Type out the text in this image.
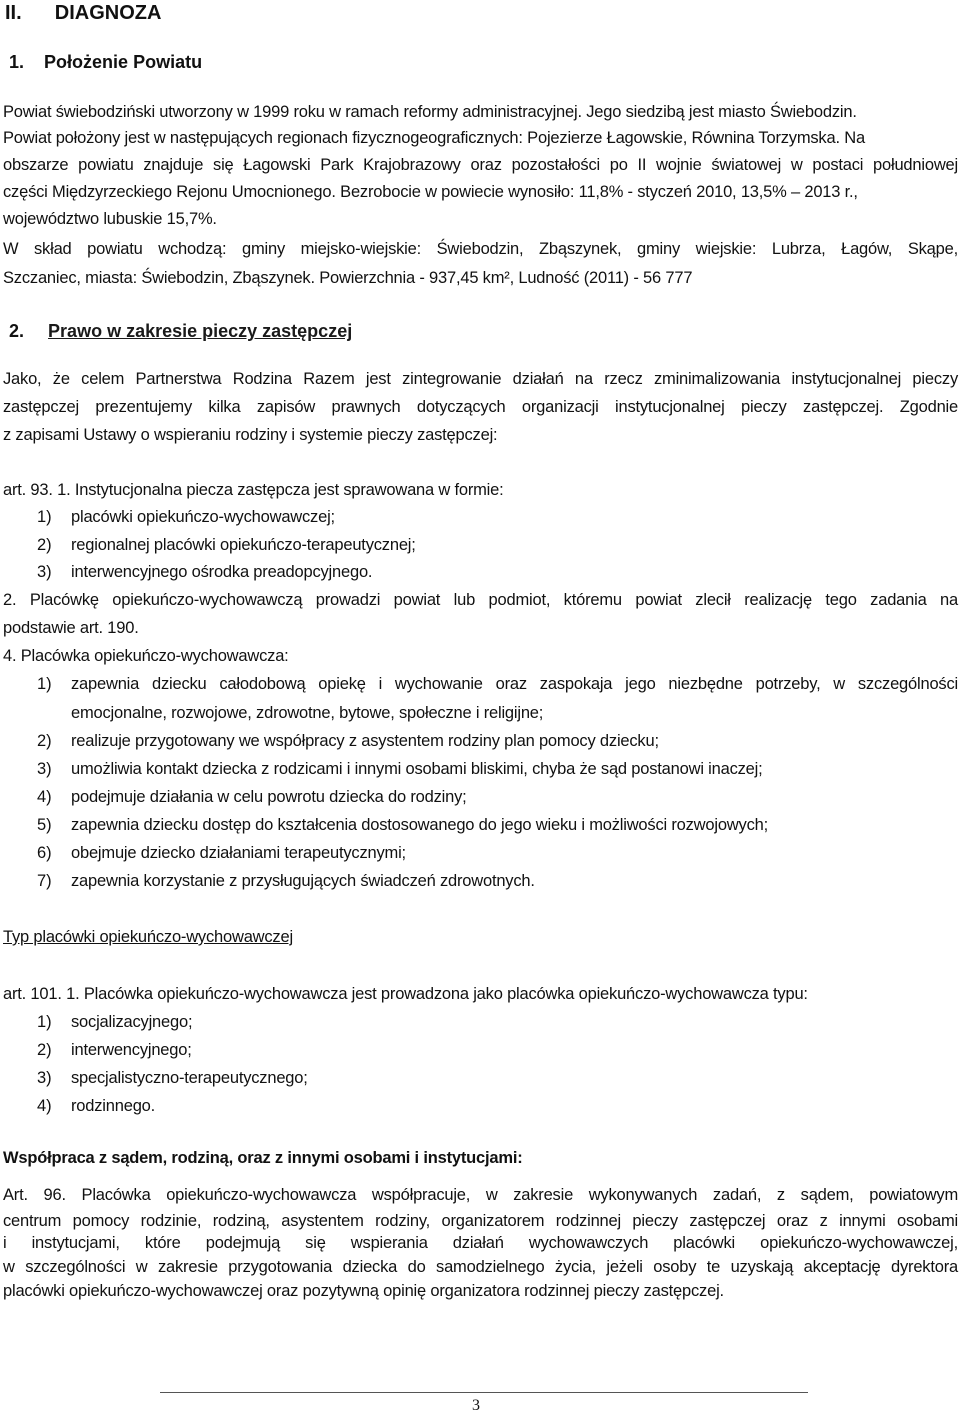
II. DIAGNOZA
1. Położenie Powiatu
Powiat świebodziński utworzony w 1999 roku w ramach reformy administracyjnej. Jego siedzibą jest miasto Świebodzin.
Powiat położony jest w następujących regionach fizycznogeograficznych: Pojezierze Łagowskie, Równina Torzymska. Na
obszarze powiatu znajduje się Łagowski Park Krajobrazowy oraz pozostałości po II wojnie światowej w postaci południowej
części Międzyrzeckiego Rejonu Umocnionego. Bezrobocie w powiecie wynosiło: 11,8% - styczeń 2010, 13,5% – 2013 r.,
województwo lubuskie 15,7%.
W skład powiatu wchodzą: gminy miejsko-wiejskie: Świebodzin, Zbąszynek, gminy wiejskie: Lubrza, Łagów, Skąpe,
Szczaniec, miasta: Świebodzin, Zbąszynek. Powierzchnia - 937,45 km², Ludność (2011) - 56 777
2. Prawo w zakresie pieczy zastępczej
Jako, że celem Partnerstwa Rodzina Razem jest zintegrowanie działań na rzecz zminimalizowania instytucjonalnej pieczy
zastępczej prezentujemy kilka zapisów prawnych dotyczących organizacji instytucjonalnej pieczy zastępczej. Zgodnie
z zapisami Ustawy o wspieraniu rodziny i systemie pieczy zastępczej:
art. 93. 1. Instytucjonalna piecza zastępcza jest sprawowana w formie:
1) placówki opiekuńczo-wychowawczej;
2) regionalnej placówki opiekuńczo-terapeutycznej;
3) interwencyjnego ośrodka preadopcyjnego.
2. Placówkę opiekuńczo-wychowawczą prowadzi powiat lub podmiot, któremu powiat zlecił realizację tego zadania na
podstawie art. 190.
4. Placówka opiekuńczo-wychowawcza:
1) zapewnia dziecku całodobową opiekę i wychowanie oraz zaspokaja jego niezbędne potrzeby, w szczególności
emocjonalne, rozwojowe, zdrowotne, bytowe, społeczne i religijne;
2) realizuje przygotowany we współpracy z asystentem rodziny plan pomocy dziecku;
3) umożliwia kontakt dziecka z rodzicami i innymi osobami bliskimi, chyba że sąd postanowi inaczej;
4) podejmuje działania w celu powrotu dziecka do rodziny;
5) zapewnia dziecku dostęp do kształcenia dostosowanego do jego wieku i możliwości rozwojowych;
6) obejmuje dziecko działaniami terapeutycznymi;
7) zapewnia korzystanie z przysługujących świadczeń zdrowotnych.
Typ placówki opiekuńczo-wychowawczej
art. 101. 1. Placówka opiekuńczo-wychowawcza jest prowadzona jako placówka opiekuńczo-wychowawcza typu:
1) socjalizacyjnego;
2) interwencyjnego;
3) specjalistyczno-terapeutycznego;
4) rodzinnego.
Współpraca z sądem, rodziną, oraz z innymi osobami i instytucjami:
Art. 96. Placówka opiekuńczo-wychowawcza współpracuje, w zakresie wykonywanych zadań, z sądem, powiatowym
centrum pomocy rodzinie, rodziną, asystentem rodziny, organizatorem rodzinnej pieczy zastępczej oraz z innymi osobami
i instytucjami, które podejmują się wspierania działań wychowawczych placówki opiekuńczo-wychowawczej,
w szczególności w zakresie przygotowania dziecka do samodzielnego życia, jeżeli osoby te uzyskają akceptację dyrektora
placówki opiekuńczo-wychowawczej oraz pozytywną opinię organizatora rodzinnej pieczy zastępczej.
3
